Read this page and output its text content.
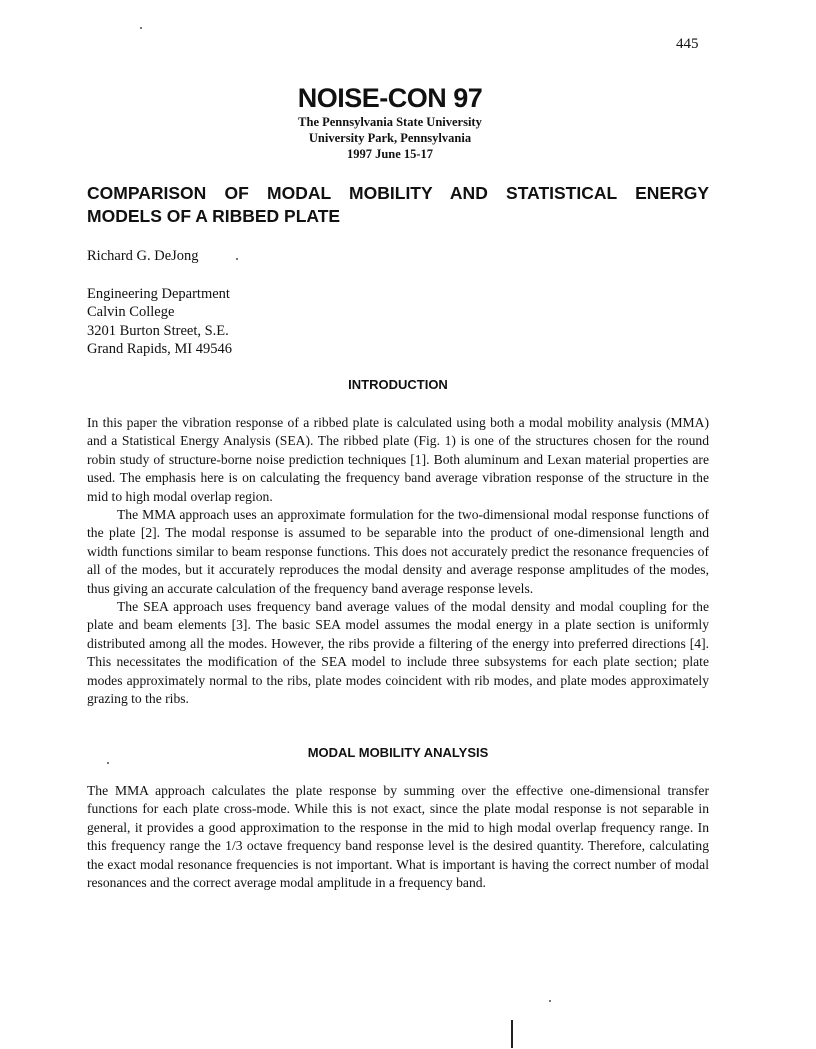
445
NOISE-CON 97
The Pennsylvania State University
University Park, Pennsylvania
1997 June 15-17
COMPARISON OF MODAL MOBILITY AND STATISTICAL ENERGY
MODELS OF A RIBBED PLATE
Richard G. DeJong
Engineering Department
Calvin College
3201 Burton Street, S.E.
Grand Rapids, MI 49546
INTRODUCTION

In this paper the vibration response of a ribbed plate is calculated using both a modal mobility analysis (MMA) and a Statistical Energy Analysis (SEA). The ribbed plate (Fig. 1) is one of the structures chosen for the round robin study of structure-borne noise prediction techniques [1]. Both aluminum and Lexan material properties are used. The emphasis here is on calculating the frequency band average vibration response of the structure in the mid to high modal overlap region.

The MMA approach uses an approximate formulation for the two-dimensional modal response functions of the plate [2]. The modal response is assumed to be separable into the product of one-dimensional length and width functions similar to beam response functions. This does not accurately predict the resonance frequencies of all of the modes, but it accurately reproduces the modal density and average response amplitudes of the modes, thus giving an accurate calculation of the frequency band average response levels.

The SEA approach uses frequency band average values of the modal density and modal coupling for the plate and beam elements [3]. The basic SEA model assumes the modal energy in a plate section is uniformly distributed among all the modes. However, the ribs provide a filtering of the energy into preferred directions [4]. This necessitates the modification of the SEA model to include three subsystems for each plate section; plate modes approximately normal to the ribs, plate modes coincident with rib modes, and plate modes approximately grazing to the ribs.

MODAL MOBILITY ANALYSIS

The MMA approach calculates the plate response by summing over the effective one-dimensional transfer functions for each plate cross-mode. While this is not exact, since the plate modal response is not separable in general, it provides a good approximation to the response in the mid to high modal overlap frequency range. In this frequency range the 1/3 octave frequency band response level is the desired quantity. Therefore, calculating the exact modal resonance frequencies is not important. What is important is having the correct number of modal resonances and the correct average modal amplitude in a frequency band.
